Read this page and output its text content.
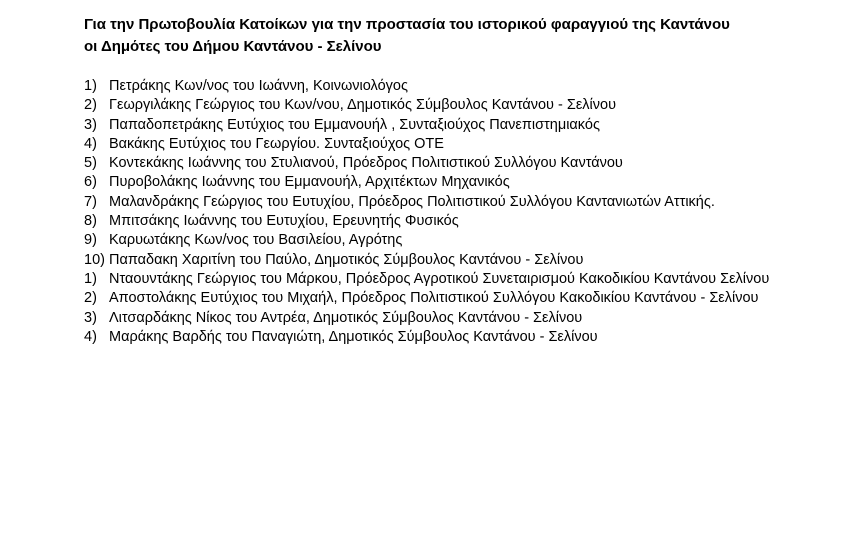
Για την Πρωτοβουλία Κατοίκων για την προστασία του ιστορικού φαραγγιού της Καντάνου
οι Δημότες του Δήμου Καντάνου - Σελίνου
1) Πετράκης Κων/νος του Ιωάννη, Κοινωνιολόγος
2) Γεωργιλάκης Γεώργιος του Κων/νου, Δημοτικός Σύμβουλος Καντάνου - Σελίνου
3) Παπαδοπετράκης Ευτύχιος του Εμμανουήλ , Συνταξιούχος Πανεπιστημιακός
4) Βακάκης Ευτύχιος του Γεωργίου. Συνταξιούχος ΟΤΕ
5) Κοντεκάκης Ιωάννης του Στυλιανού, Πρόεδρος Πολιτιστικού Συλλόγου Καντάνου
6) Πυροβολάκης Ιωάννης του Εμμανουήλ, Αρχιτέκτων Μηχανικός
7) Μαλανδράκης Γεώργιος του Ευτυχίου, Πρόεδρος Πολιτιστικού Συλλόγου Καντανιωτών Αττικής.
8) Μπιτσάκης Ιωάννης του Ευτυχίου, Ερευνητής Φυσικός
9) Καρυωτάκης Κων/νος του Βασιλείου, Αγρότης
10) Παπαδακη Χαριτίνη του Παύλο, Δημοτικός Σύμβουλος Καντάνου - Σελίνου
1) Νταουντάκης Γεώργιος του Μάρκου, Πρόεδρος Αγροτικού Συνεταιρισμού Κακοδικίου Καντάνου Σελίνου
2) Αποστολάκης Ευτύχιος του Μιχαήλ, Πρόεδρος Πολιτιστικού Συλλόγου Κακοδικίου Καντάνου - Σελίνου
3) Λιτσαρδάκης Νίκος του Αντρέα, Δημοτικός Σύμβουλος Καντάνου - Σελίνου
4) Μαράκης Βαρδής του Παναγιώτη, Δημοτικός Σύμβουλος Καντάνου - Σελίνου
